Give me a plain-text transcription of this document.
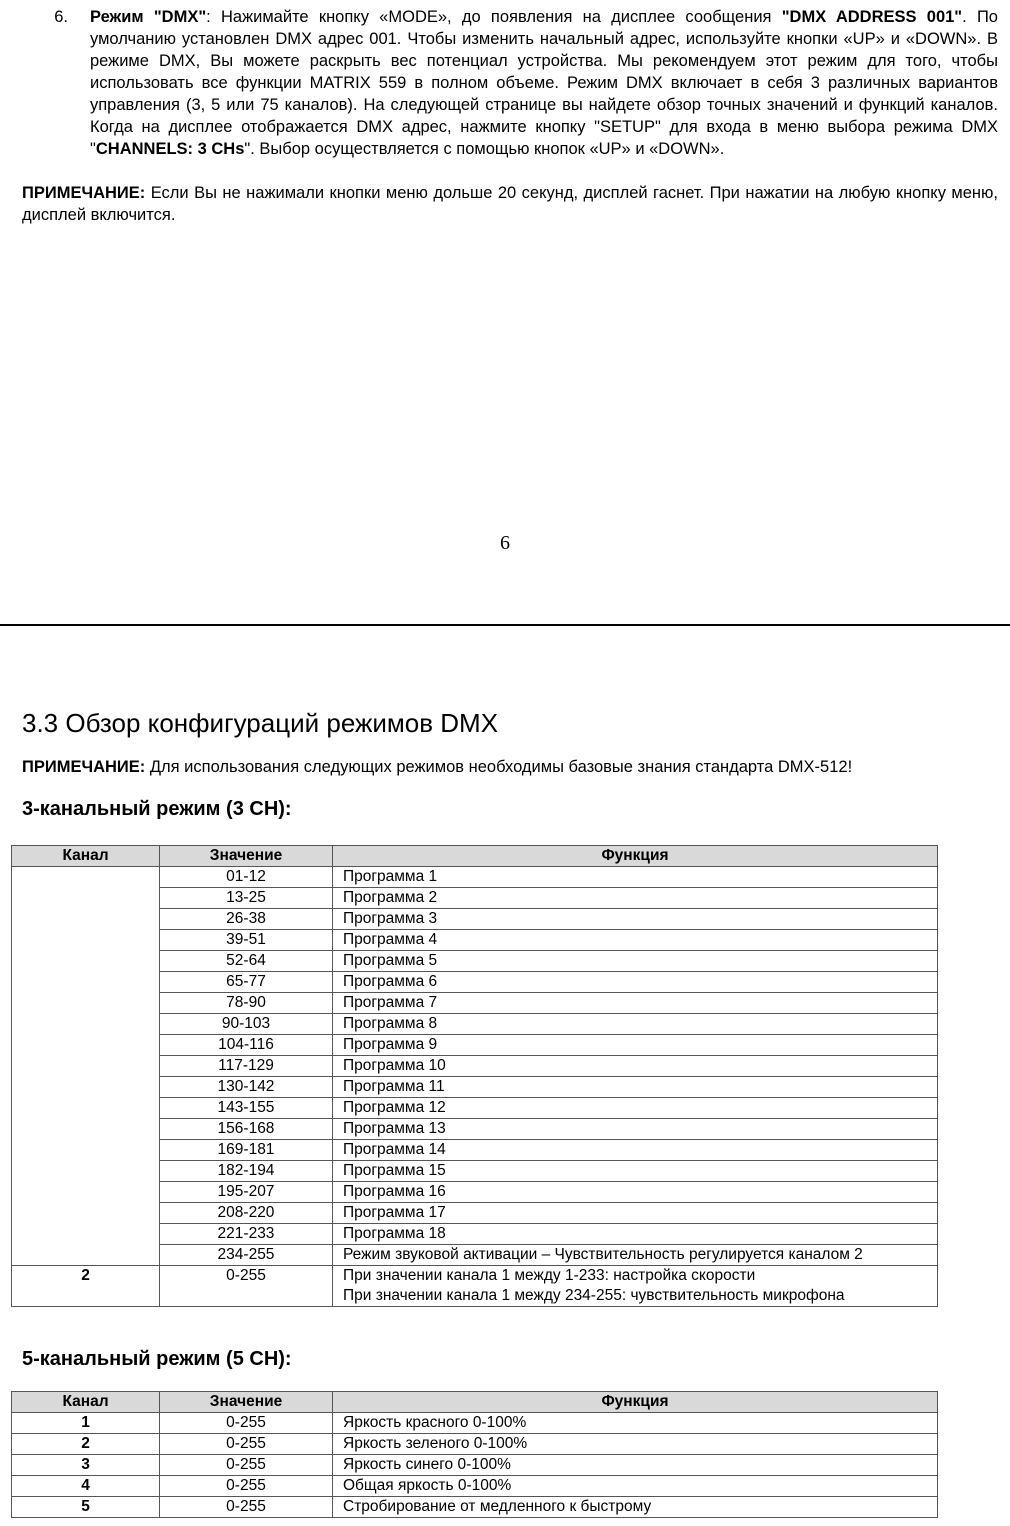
6.	Режим "DMX": Нажимайте кнопку «MODE», до появления на дисплее сообщения "DMX ADDRESS 001". По умолчанию установлен DMX адрес 001. Чтобы изменить начальный адрес, используйте кнопки «UP» и «DOWN». В режиме DMX, Вы можете раскрыть вес потенциал устройства. Мы рекомендуем этот режим для того, чтобы использовать все функции MATRIX 559 в полном объеме. Режим DMX включает в себя 3 различных вариантов управления (3, 5 или 75 каналов). На следующей странице вы найдете обзор точных значений и функций каналов. Когда на дисплее отображается DMX адрес, нажмите кнопку "SETUP" для входа в меню выбора режима DMX "CHANNELS: 3 CHs". Выбор осуществляется с помощью кнопок «UP» и «DOWN».
ПРИМЕЧАНИЕ: Если Вы не нажимали кнопки меню дольше 20 секунд, дисплей гаснет. При нажатии на любую кнопку меню, дисплей включится.
6
3.3 Обзор конфигураций режимов DMX
ПРИМЕЧАНИЕ: Для использования следующих режимов необходимы базовые знания стандарта DMX-512!
3-канальный режим (3 CH):
Канал	Значение	Функция
	01-12	Программа 1
	13-25	Программа 2
	26-38	Программа 3
	39-51	Программа 4
	52-64	Программа 5
	65-77	Программа 6
	78-90	Программа 7
	90-103	Программа 8
	104-116	Программа 9
	117-129	Программа 10
	130-142	Программа 11
	143-155	Программа 12
	156-168	Программа 13
	169-181	Программа 14
	182-194	Программа 15
	195-207	Программа 16
	208-220	Программа 17
	221-233	Программа 18
	234-255	Режим звуковой активации – Чувствительность регулируется каналом 2
2	0-255	При значении канала 1 между 1-233: настройка скорости
		При значении канала 1 между 234-255: чувствительность микрофона
5-канальный режим (5 CH):
Канал	Значение	Функция
1	0-255	Яркость красного 0-100%
2	0-255	Яркость зеленого 0-100%
3	0-255	Яркость синего 0-100%
4	0-255	Общая яркость 0-100%
5	0-255	Стробирование от медленного к быстрому
